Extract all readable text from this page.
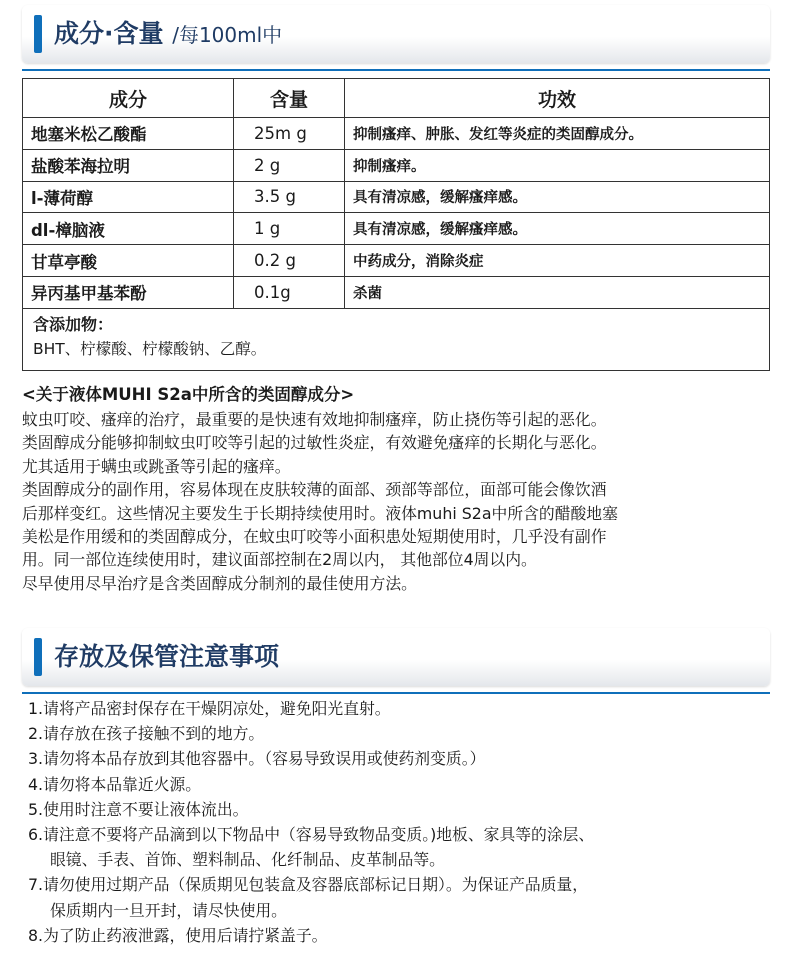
成分·含量 /每100ml中
成分	含量	功效
地塞米松乙酸酯	25m g	抑制瘙痒、肿胀、发红等炎症的类固醇成分。
盐酸苯海拉明	2 g	抑制瘙痒。
l-薄荷醇	3.5 g	具有清凉感，缓解瘙痒感。
dl-樟脑液	1 g	具有清凉感，缓解瘙痒感。
甘草亭酸	0.2 g	中药成分，消除炎症
异丙基甲基苯酚	0.1g	杀菌

含添加物：
BHT、柠檬酸、柠檬酸钠、乙醇。		
<关于液体MUHI S2a中所含的类固醇成分>
蚊虫叮咬、瘙痒的治疗，最重要的是快速有效地抑制瘙痒，防止挠伤等引起的恶化。
类固醇成分能够抑制蚊虫叮咬等引起的过敏性炎症，有效避免瘙痒的长期化与恶化。
尤其适用于螨虫或跳蚤等引起的瘙痒。
类固醇成分的副作用，容易体现在皮肤较薄的面部、颈部等部位，面部可能会像饮酒
后那样变红。这些情况主要发生于长期持续使用时。液体muhi S2a中所含的醋酸地塞
美松是作用缓和的类固醇成分，在蚊虫叮咬等小面积患处短期使用时，几乎没有副作
用。同一部位连续使用时，建议面部控制在2周以内， 其他部位4周以内。
尽早使用尽早治疗是含类固醇成分制剂的最佳使用方法。
存放及保管注意事项
1.请将产品密封保存在干燥阴凉处，避免阳光直射。
2.请存放在孩子接触不到的地方。
3.请勿将本品存放到其他容器中。（容易导致误用或使药剂变质。）
4.请勿将本品靠近火源。
5.使用时注意不要让液体流出。
6.请注意不要将产品滴到以下物品中（容易导致物品变质。)地板、家具等的涂层、
眼镜、手表、首饰、塑料制品、化纤制品、皮革制品等。
7.请勿使用过期产品（保质期见包装盒及容器底部标记日期）。为保证产品质量，
保质期内一旦开封，请尽快使用。
8.为了防止药液泄露，使用后请拧紧盖子。
